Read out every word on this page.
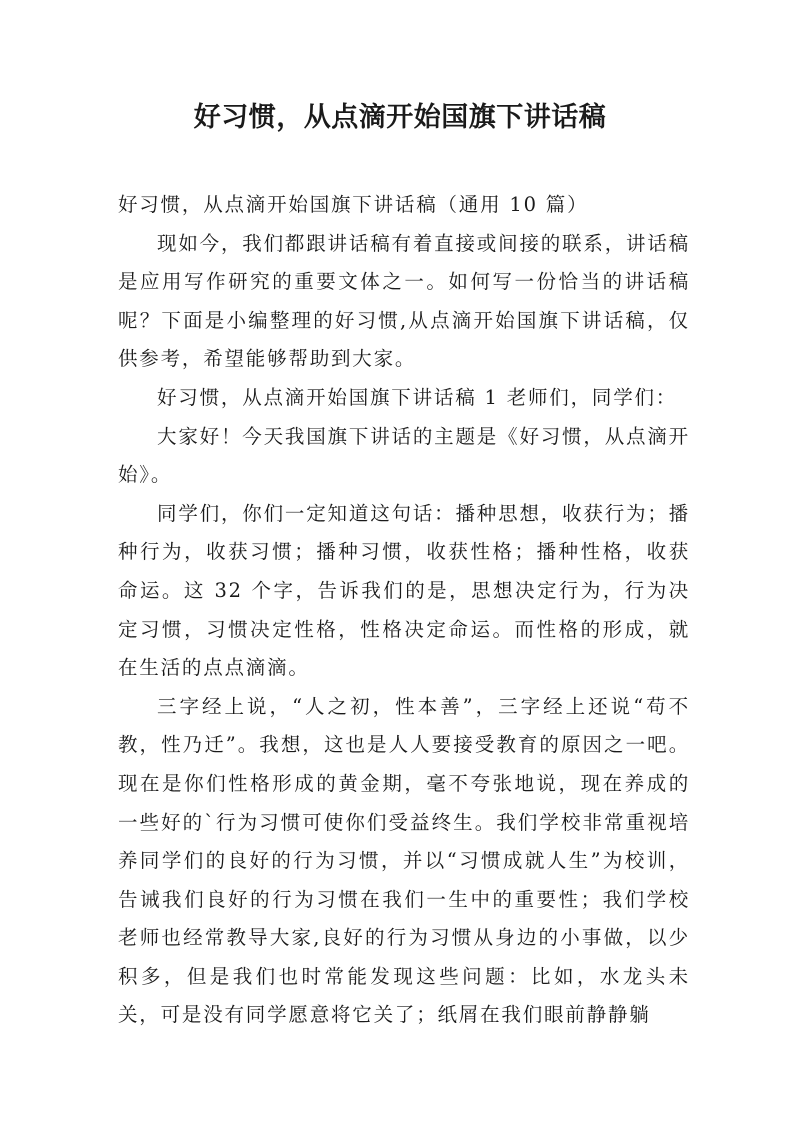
好习惯，从点滴开始国旗下讲话稿

好习惯，从点滴开始国旗下讲话稿（通用 10 篇）

现如今，我们都跟讲话稿有着直接或间接的联系，讲话稿是应用写作研究的重要文体之一。如何写一份恰当的讲话稿呢？下面是小编整理的好习惯,从点滴开始国旗下讲话稿，仅供参考，希望能够帮助到大家。

好习惯，从点滴开始国旗下讲话稿 1 老师们，同学们：

大家好！今天我国旗下讲话的主题是《好习惯，从点滴开始》。

同学们，你们一定知道这句话：播种思想，收获行为；播种行为，收获习惯；播种习惯，收获性格；播种性格，收获命运。这 32 个字，告诉我们的是，思想决定行为，行为决定习惯，习惯决定性格，性格决定命运。而性格的形成，就在生活的点点滴滴。

三字经上说，“人之初，性本善”，三字经上还说“苟不教，性乃迁”。我想，这也是人人要接受教育的原因之一吧。现在是你们性格形成的黄金期，毫不夸张地说，现在养成的一些好的`行为习惯可使你们受益终生。我们学校非常重视培养同学们的良好的行为习惯，并以“习惯成就人生”为校训，告诫我们良好的行为习惯在我们一生中的重要性；我们学校老师也经常教导大家,良好的行为习惯从身边的小事做，以少积多，但是我们也时常能发现这些问题：比如，水龙头未关，可是没有同学愿意将它关了；纸屑在我们眼前静静躺
